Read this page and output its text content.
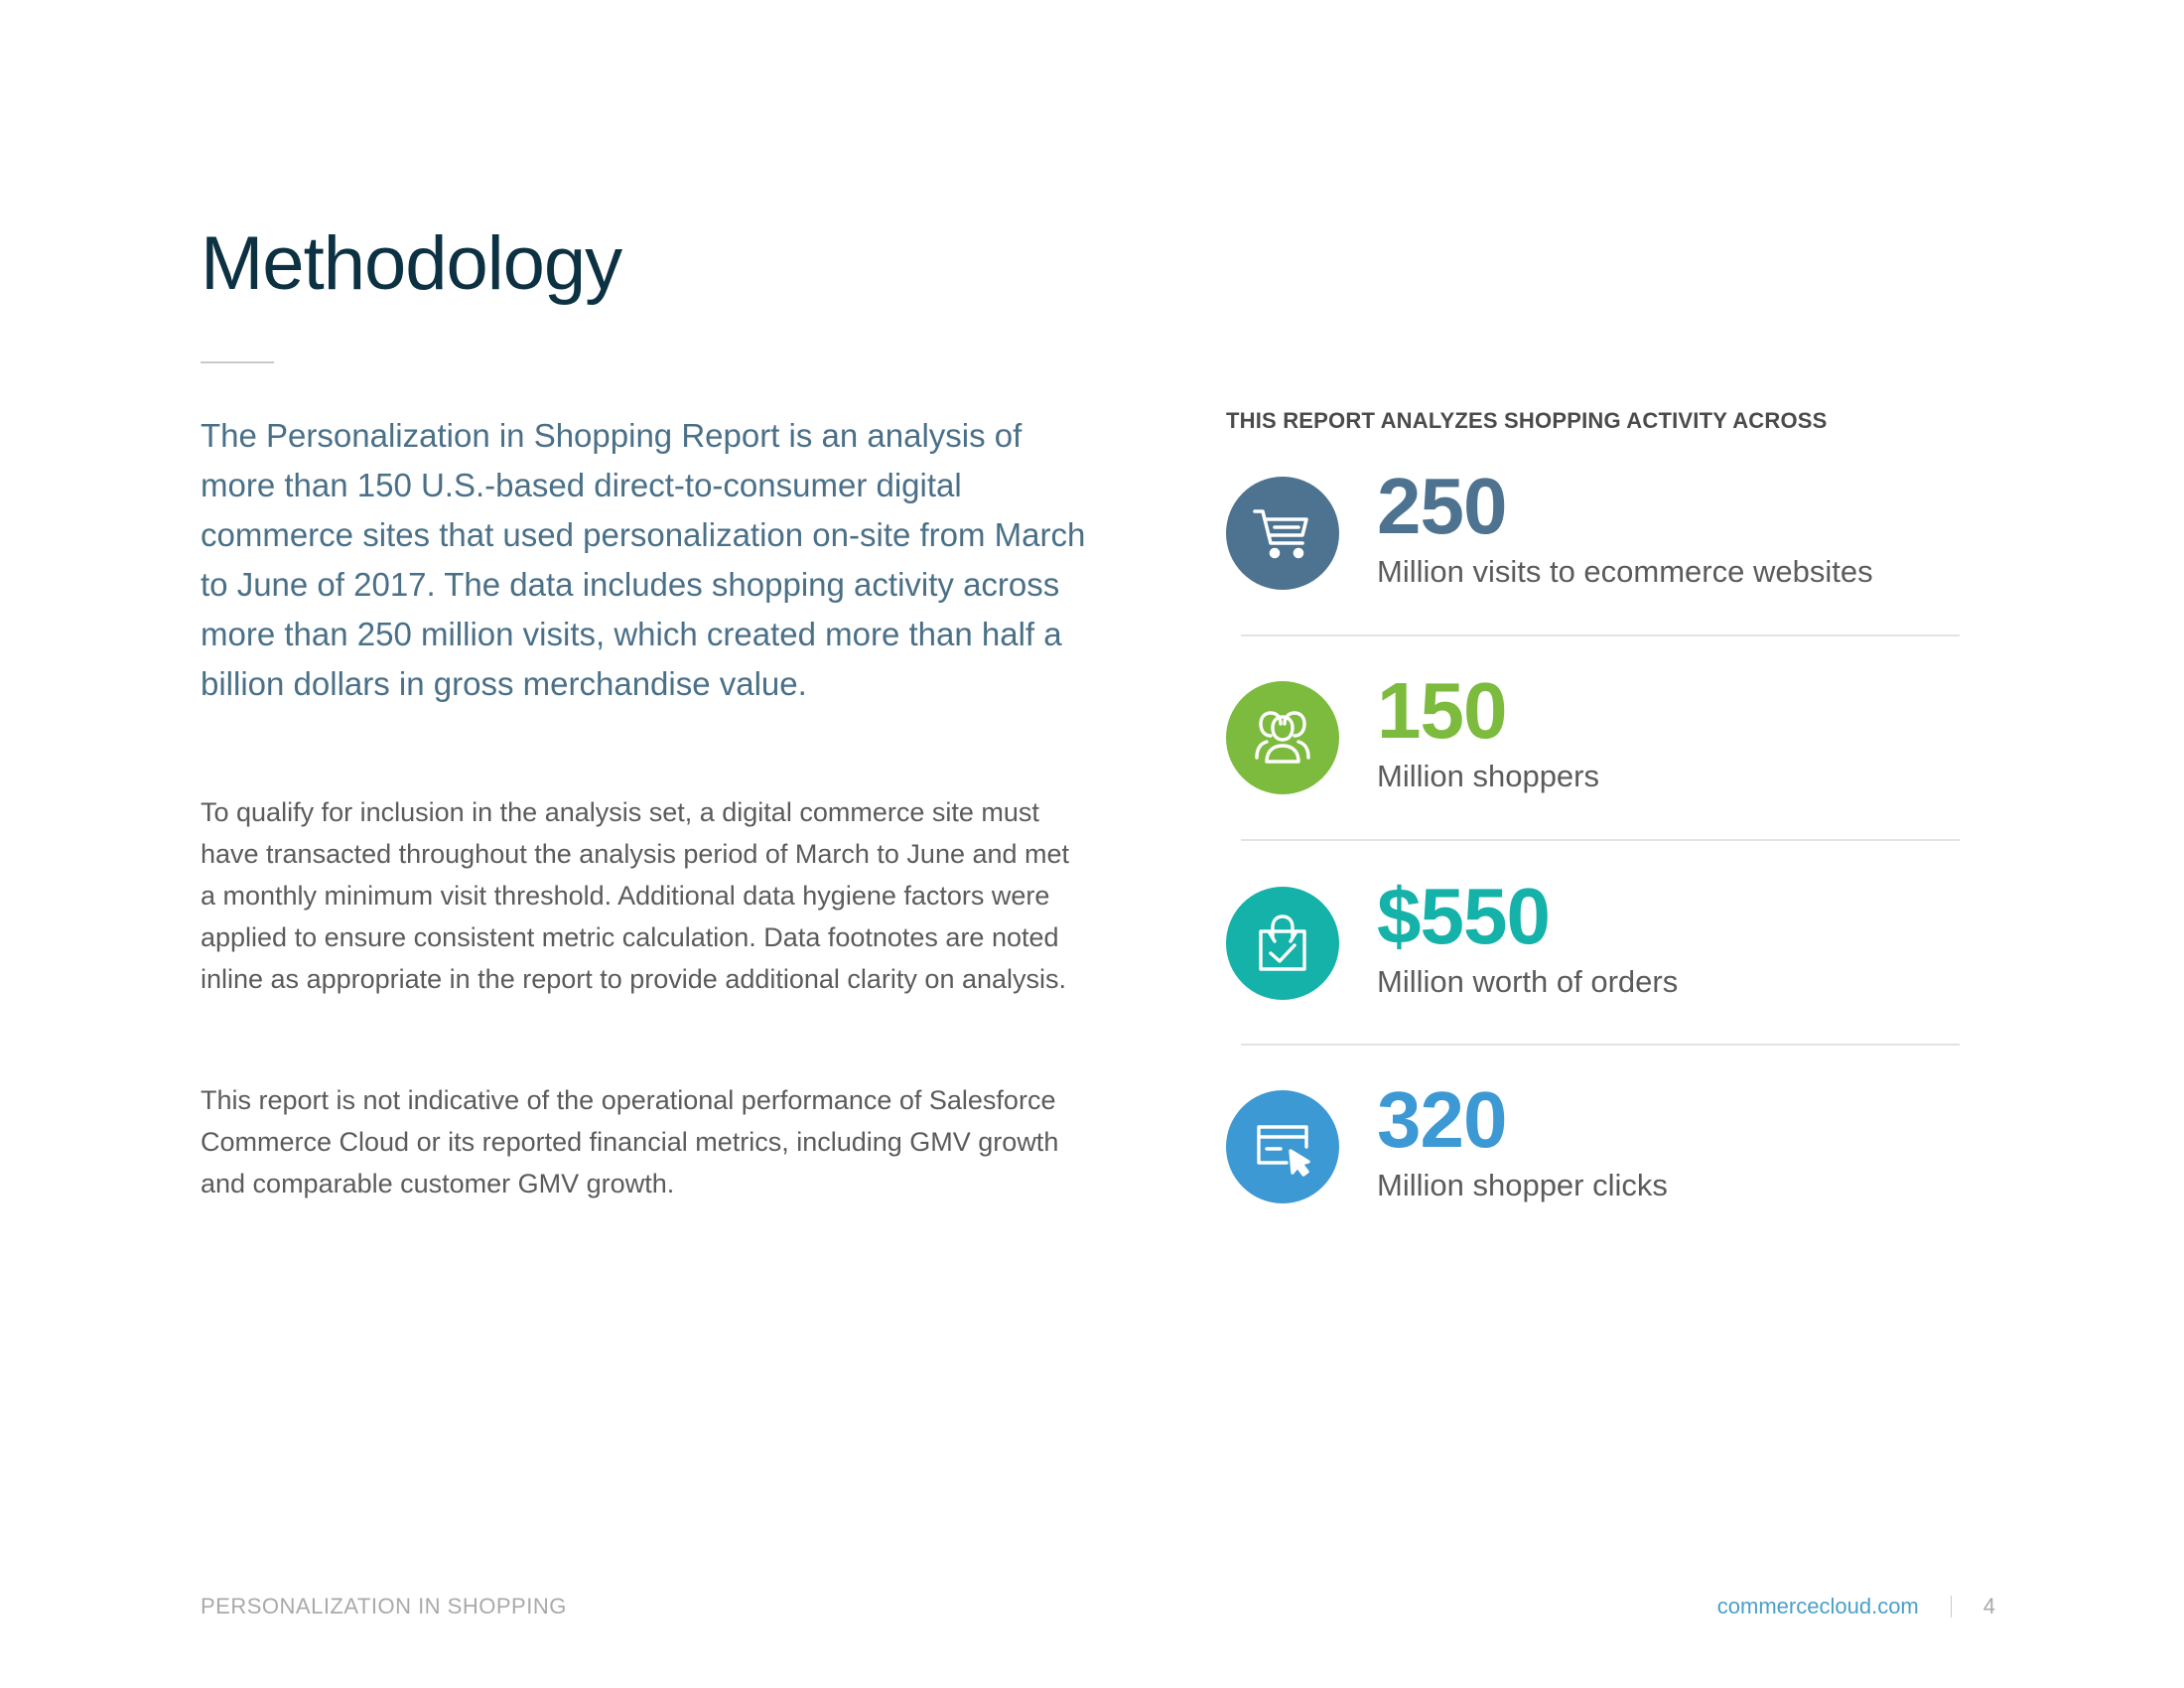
Methodology

The Personalization in Shopping Report is an analysis of more than 150 U.S.-based direct-to-consumer digital commerce sites that used personalization on-site from March to June of 2017. The data includes shopping activity across more than 250 million visits, which created more than half a billion dollars in gross merchandise value.

To qualify for inclusion in the analysis set, a digital commerce site must have transacted throughout the analysis period of March to June and met a monthly minimum visit threshold. Additional data hygiene factors were applied to ensure consistent metric calculation. Data footnotes are noted inline as appropriate in the report to provide additional clarity on analysis.

This report is not indicative of the operational performance of Salesforce Commerce Cloud or its reported financial metrics, including GMV growth and comparable customer GMV growth.

THIS REPORT ANALYZES SHOPPING ACTIVITY ACROSS
250
Million visits to ecommerce websites
150
Million shoppers
$550
Million worth of orders
320
Million shopper clicks
PERSONALIZATION IN SHOPPING	commercecloud.com	4
